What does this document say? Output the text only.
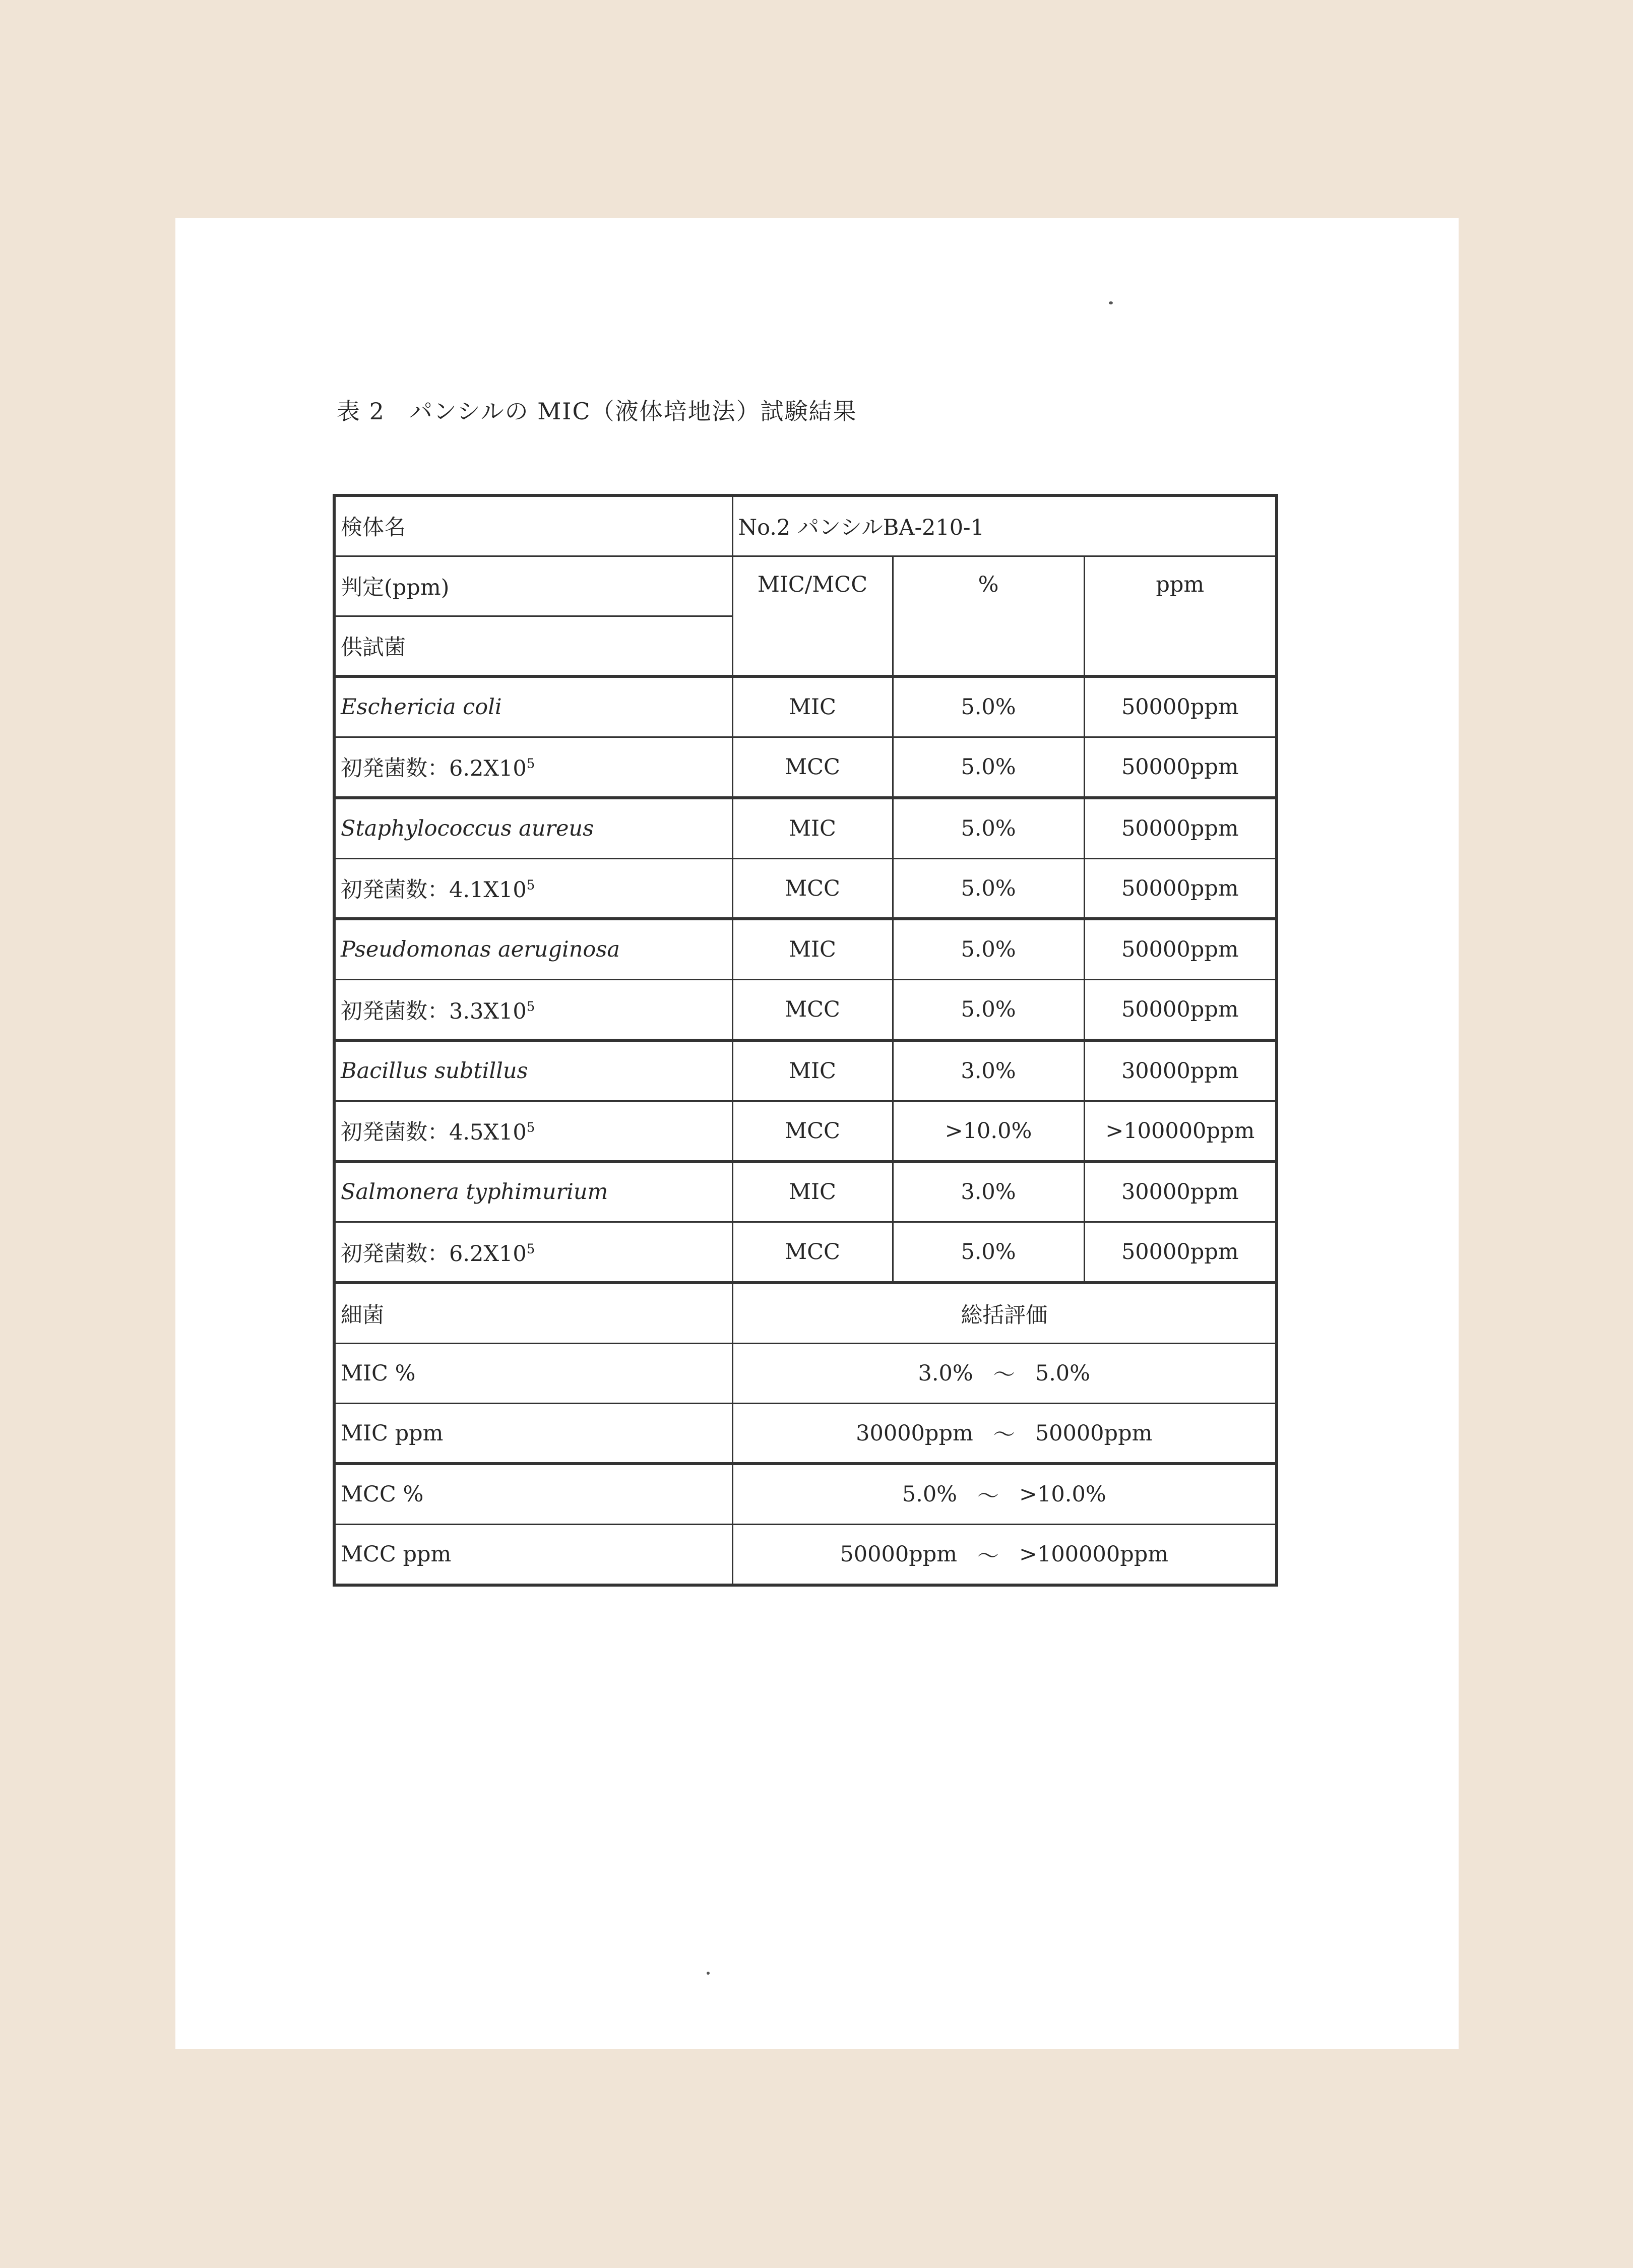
表 2　パンシルの MIC（液体培地法）試験結果
検体名	No.2 パンシルBA-210-1		
判定(ppm)	MIC/MCC	%	ppm
供試菌			
Eschericia coli	MIC	5.0%	50000ppm
初発菌数：$6.2X10^5$	MCC	5.0%	50000ppm
Staphylococcus aureus	MIC	5.0%	50000ppm
初発菌数：$4.1X10^5$	MCC	5.0%	50000ppm
Pseudomonas aeruginosa	MIC	5.0%	50000ppm
初発菌数：$3.3X10^5$	MCC	5.0%	50000ppm
Bacillus subtillus	MIC	3.0%	30000ppm
初発菌数：$4.5X10^5$	MCC	>10.0%	>100000ppm
Salmonera typhimurium	MIC	3.0%	30000ppm
初発菌数：$6.2X10^5$	MCC	5.0%	50000ppm
細菌	総括評価		
MIC %	3.0% ～ 5.0%		

MIC ppm	30000ppm ～ 50000ppm		

MCC %	5.0% ～ >10.0%		

MCC ppm	50000ppm ～ >100000ppm		
